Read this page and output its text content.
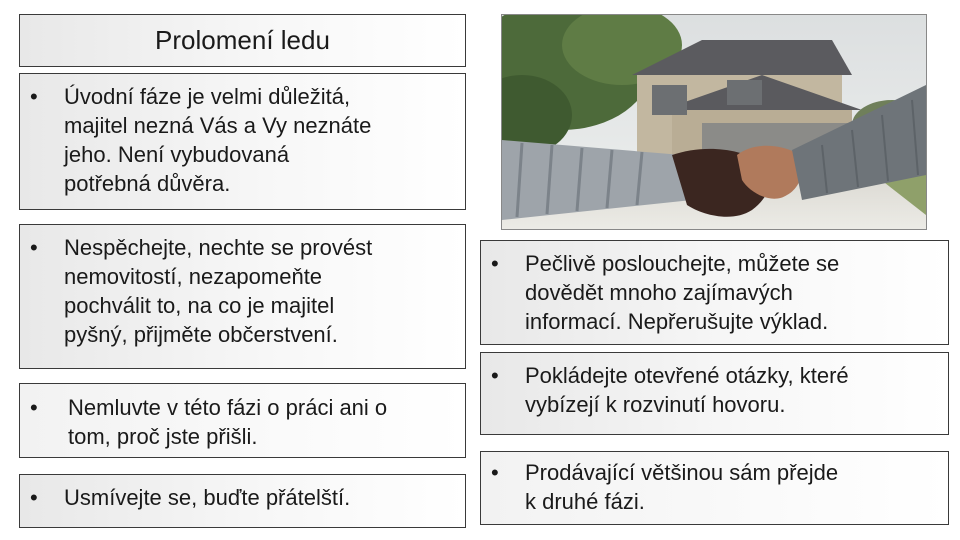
Prolomení ledu
• Úvodní fáze je velmi důležitá,
majitel nezná Vás a Vy neznáte
jeho. Není vybudovaná
potřebná důvěra.
• Nespěchejte, nechte se provést
nemovitostí, nezapomeňte
pochválit to, na co je majitel
pyšný, přijměte občerstvení.
• Nemluvte v této fázi o práci ani o
tom, proč jste přišli.
• Usmívejte se, buďte přátelští.
• Pečlivě poslouchejte, můžete se
dovědět mnoho zajímavých
informací. Nepřerušujte výklad.
• Pokládejte otevřené otázky, které
vybízejí k rozvinutí hovoru.
• Prodávající většinou sám přejde
k druhé fázi.
